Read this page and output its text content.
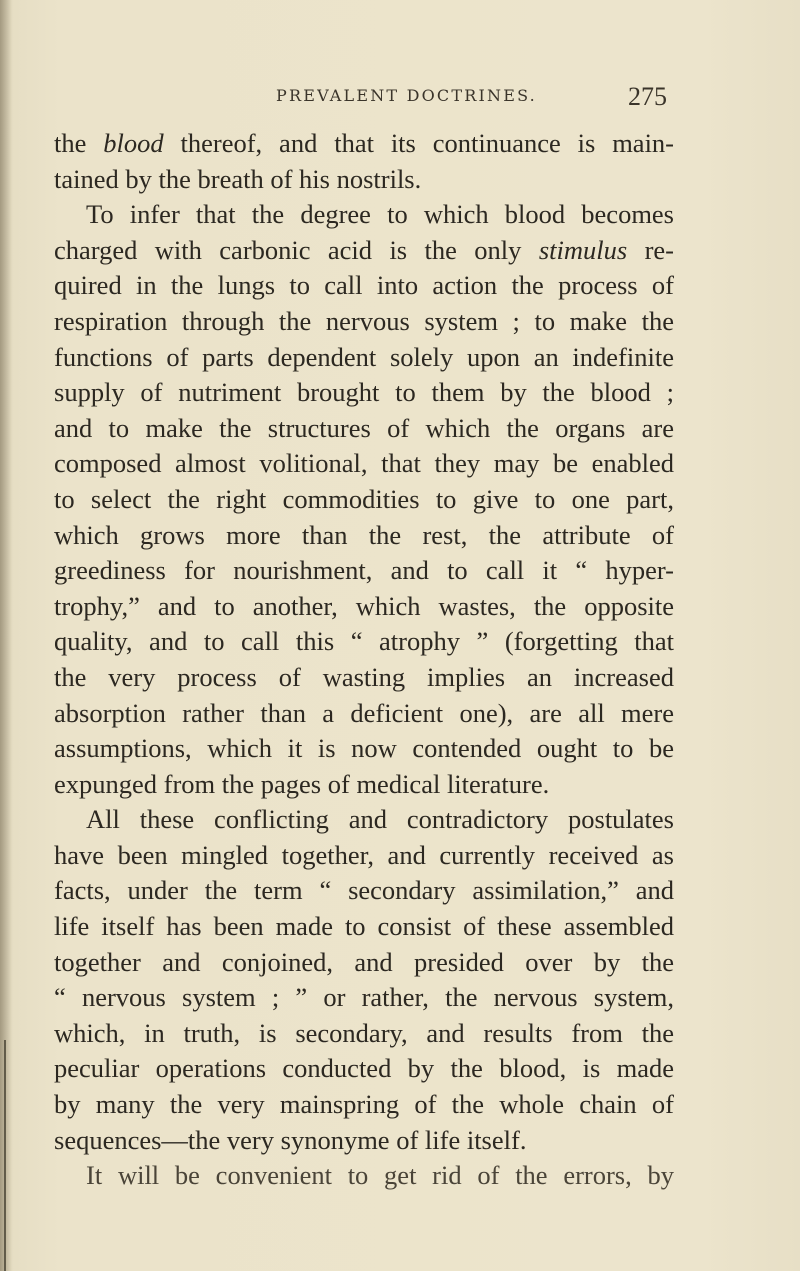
PREVALENT DOCTRINES.	275
the blood thereof, and that its continuance is main-
tained by the breath of his nostrils.
To infer that the degree to which blood becomes
charged with carbonic acid is the only stimulus re-
quired in the lungs to call into action the process of
respiration through the nervous system ; to make the
functions of parts dependent solely upon an indefinite
supply of nutriment brought to them by the blood ;
and to make the structures of which the organs are
composed almost volitional, that they may be enabled
to select the right commodities to give to one part,
which grows more than the rest, the attribute of
greediness for nourishment, and to call it “ hyper-
trophy,” and to another, which wastes, the opposite
quality, and to call this “ atrophy ” (forgetting that
the very process of wasting implies an increased
absorption rather than a deficient one), are all mere
assumptions, which it is now contended ought to be
expunged from the pages of medical literature.
All these conflicting and contradictory postulates
have been mingled together, and currently received as
facts, under the term “ secondary assimilation,” and
life itself has been made to consist of these assembled
together and conjoined, and presided over by the
“ nervous system ; ” or rather, the nervous system,
which, in truth, is secondary, and results from the
peculiar operations conducted by the blood, is made
by many the very mainspring of the whole chain of
sequences—the very synonyme of life itself.
It will be convenient to get rid of the errors, by
